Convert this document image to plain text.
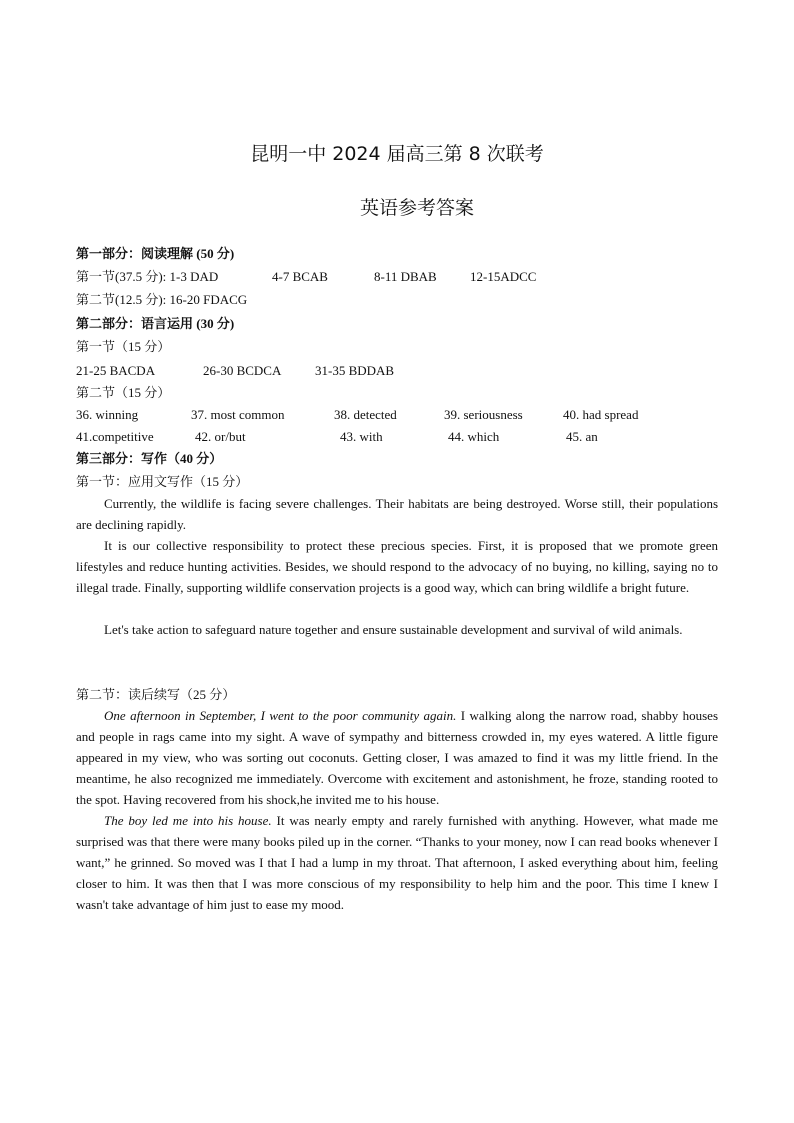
昆明一中 2024 届高三第 8 次联考
英语参考答案
第一部分：阅读理解 (50 分)
第一节(37.5 分): 1-3 DAD	4-7 BCAB	8-11 DBAB	12-15ADCC
第二节(12.5 分): 16-20 FDACG
第二部分：语言运用 (30 分)
第一节（15 分）
21-25 BACDA	26-30 BCDCA	31-35 BDDAB
第二节（15 分）
36. winning	37. most common	38. detected	39. seriousness	40. had spread
41.competitive	42. or/but	43. with	44. which	45. an
第三部分：写作（40 分）
第一节：应用文写作（15 分）

Currently, the wildlife is facing severe challenges. Their habitats are being destroyed. Worse still, their populations are declining rapidly.

It is our collective responsibility to protect these precious species. First, it is proposed that we promote green lifestyles and reduce hunting activities. Besides, we should respond to the advocacy of no buying, no killing, saying no to illegal trade. Finally, supporting wildlife conservation projects is a good way, which can bring wildlife a bright future.

Let's take action to safeguard nature together and ensure sustainable development and survival of wild animals.

第二节：读后续写（25 分）

One afternoon in September, I went to the poor community again. I walking along the narrow road, shabby houses and people in rags came into my sight. A wave of sympathy and bitterness crowded in, my eyes watered. A little figure appeared in my view, who was sorting out coconuts. Getting closer, I was amazed to find it was my little friend. In the meantime, he also recognized me immediately. Overcome with excitement and astonishment, he froze, standing rooted to the spot. Having recovered from his shock,he invited me to his house.

The boy led me into his house. It was nearly empty and rarely furnished with anything. However, what made me surprised was that there were many books piled up in the corner. “Thanks to your money, now I can read books whenever I want,” he grinned. So moved was I that I had a lump in my throat. That afternoon, I asked everything about him, feeling closer to him. It was then that I was more conscious of my responsibility to help him and the poor. This time I knew I wasn't take advantage of him just to ease my mood.
